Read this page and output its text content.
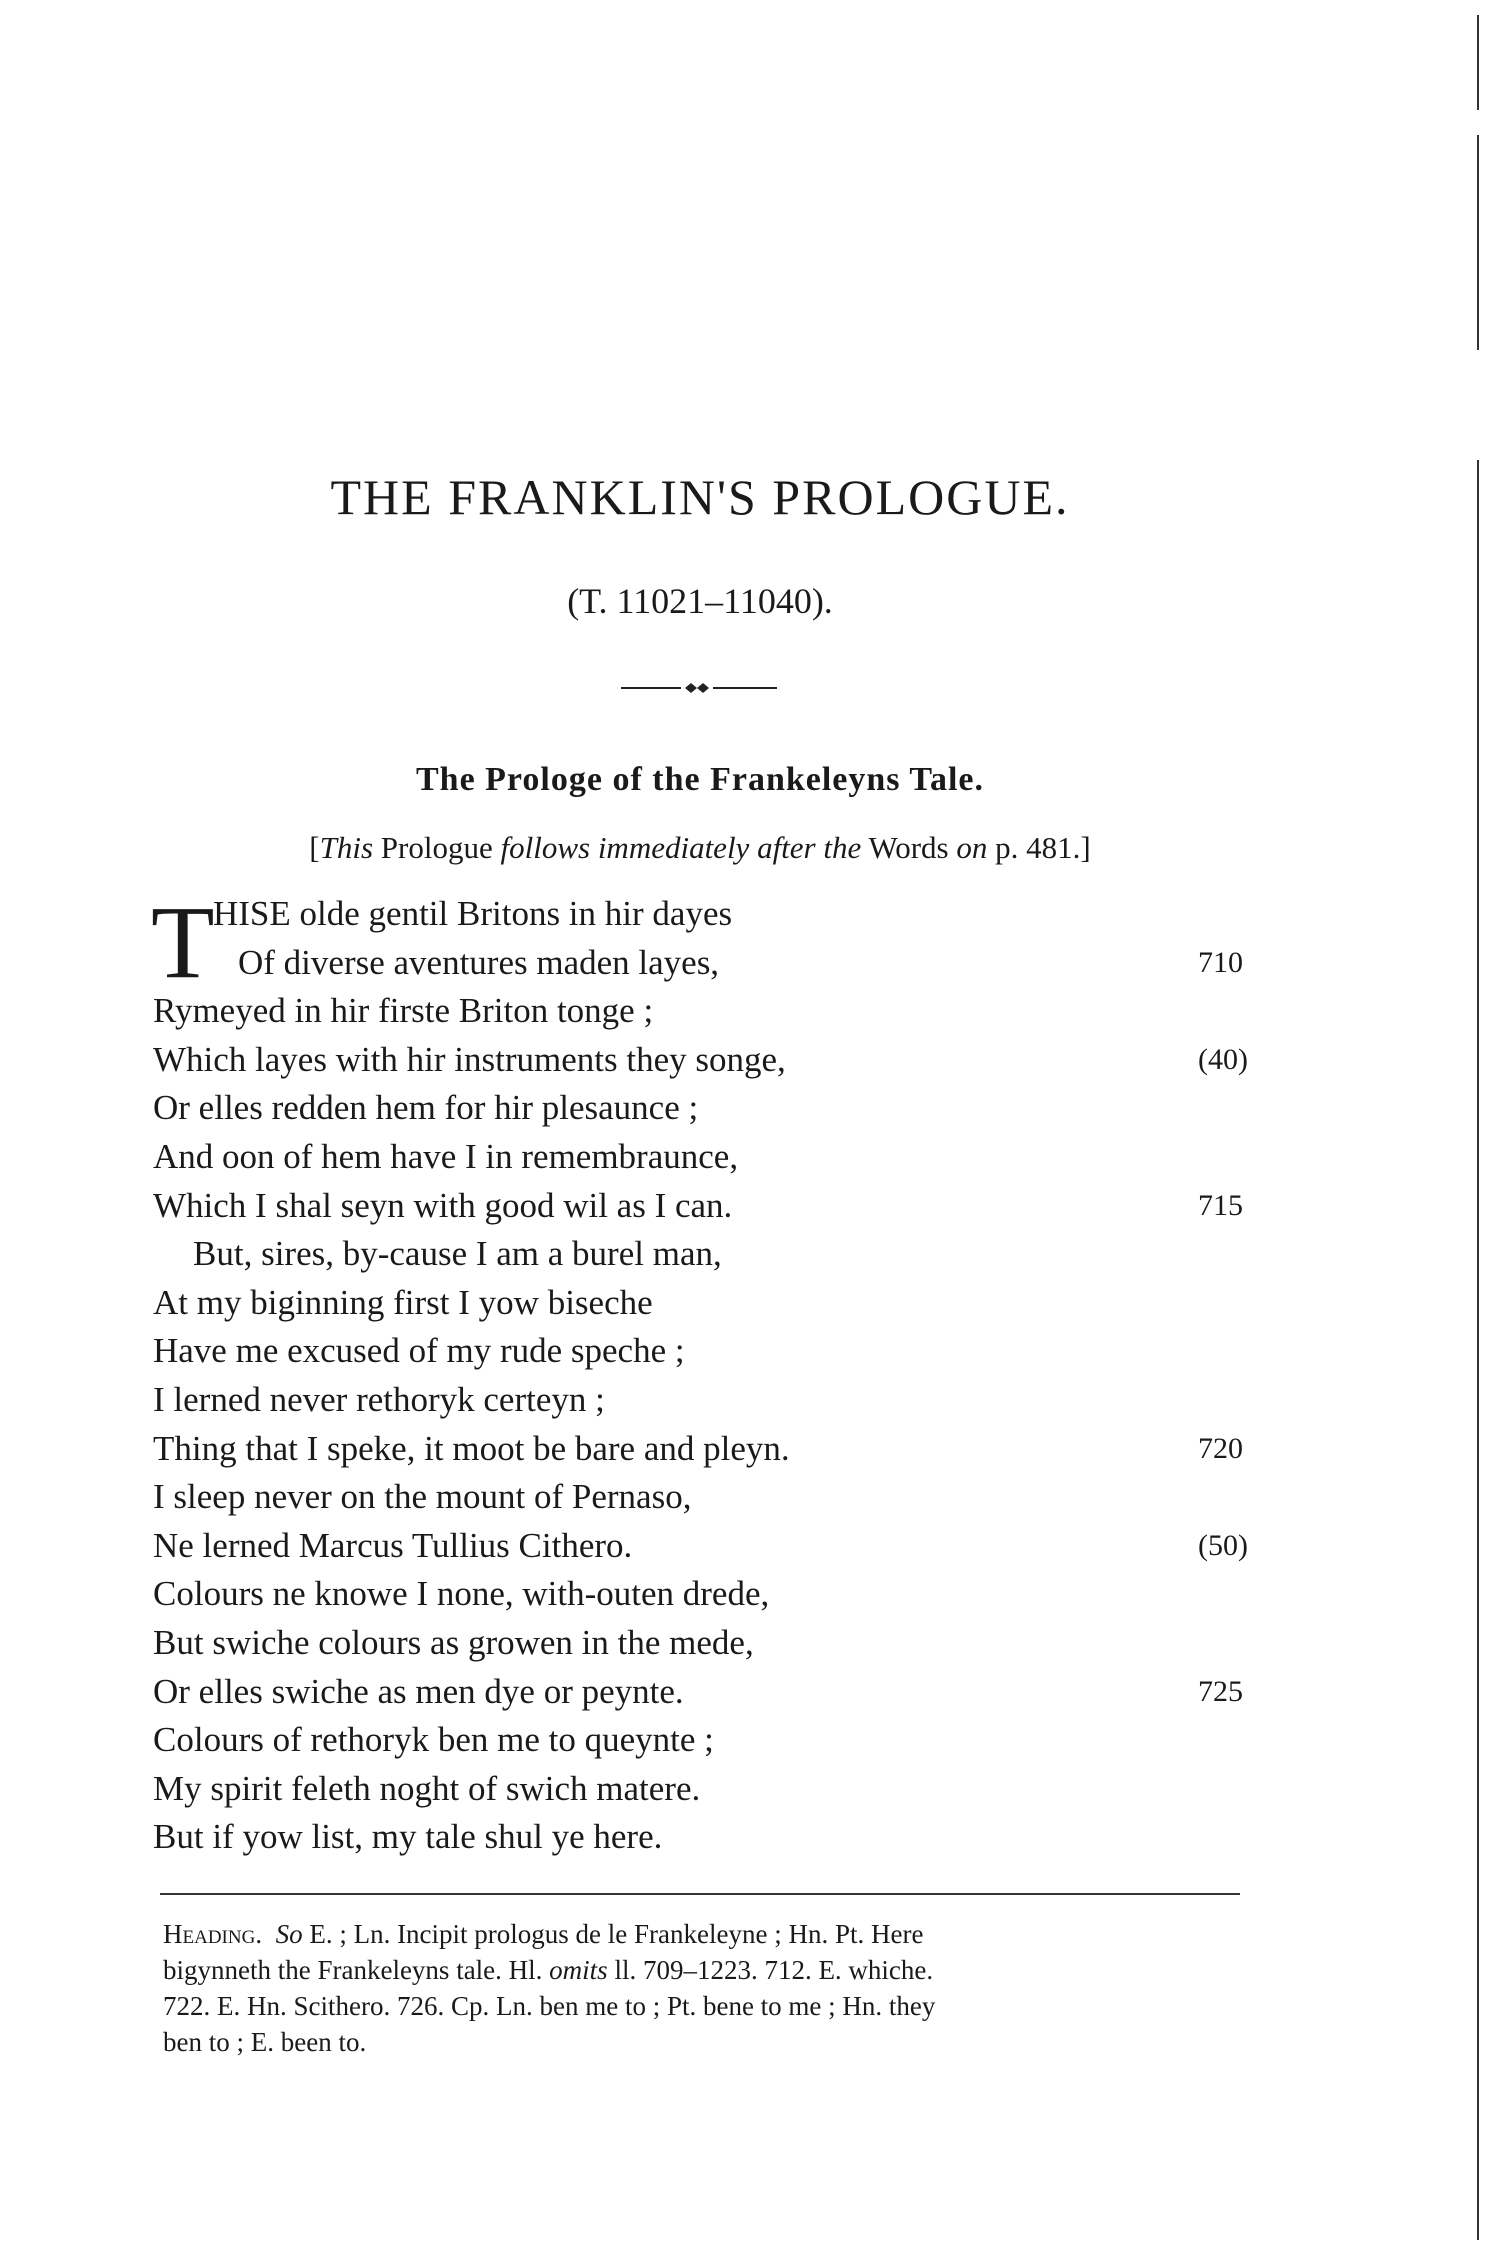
THE FRANKLIN'S PROLOGUE.
(T. 11021–11040).
The Prologe of the Frankeleyns Tale.
[This Prologue follows immediately after the Words on p. 481.]
T
HISE olde gentil Britons in hir dayes
Of diverse aventures maden layes,	710
Rymeyed in hir firste Briton tonge ;
Which layes with hir instruments they songe,	(40)
Or elles redden hem for hir plesaunce ;
And oon of hem have I in remembraunce,
Which I shal seyn with good wil as I can.	715
But, sires, by-cause I am a burel man,
At my biginning first I yow biseche
Have me excused of my rude speche ;
I lerned never rethoryk certeyn ;
Thing that I speke, it moot be bare and pleyn.	720
I sleep never on the mount of Pernaso,
Ne lerned Marcus Tullius Cithero.	(50)
Colours ne knowe I none, with-outen drede,
But swiche colours as growen in the mede,
Or elles swiche as men dye or peynte.	725
Colours of rethoryk ben me to queynte ;
My spirit feleth noght of swich matere.
But if yow list, my tale shul ye here.
Heading. So E. ; Ln. Incipit prologus de le Frankeleyne ; Hn. Pt. Here
bigynneth the Frankeleyns tale. Hl. omits ll. 709–1223. 712. E. whiche.
722. E. Hn. Scithero. 726. Cp. Ln. ben me to ; Pt. bene to me ; Hn. they
ben to ; E. been to.
